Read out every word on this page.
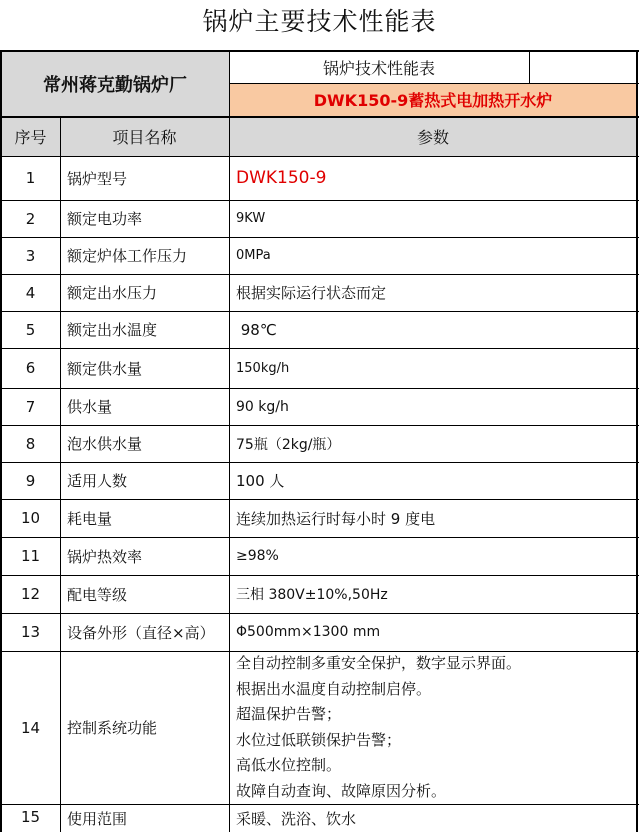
锅炉主要技术性能表
常州蒋克勤锅炉厂
锅炉技术性能表
DWK150-9蓄热式电加热开水炉
序号	项目名称	参数
1	锅炉型号	DWK150-9
2	额定电功率	9KW
3	额定炉体工作压力	0MPa
4	额定出水压力	根据实际运行状态而定
5	额定出水温度	98℃
6	额定供水量	150kg/h
7	供水量	90 kg/h
8	泡水供水量	75瓶（2kg/瓶）
9	适用人数	100 人
10	耗电量	连续加热运行时每小时 9 度电
11	锅炉热效率	≥98%
12	配电等级	三相 380V±10%,50Hz
13	设备外形（直径×高）	Φ500mm×1300 mm
14	控制系统功能
全自动控制多重安全保护，数字显示界面。
根据出水温度自动控制启停。
超温保护告警；
水位过低联锁保护告警；
高低水位控制。
故障自动查询、故障原因分析。
15	使用范围	采暖、洗浴、饮水
